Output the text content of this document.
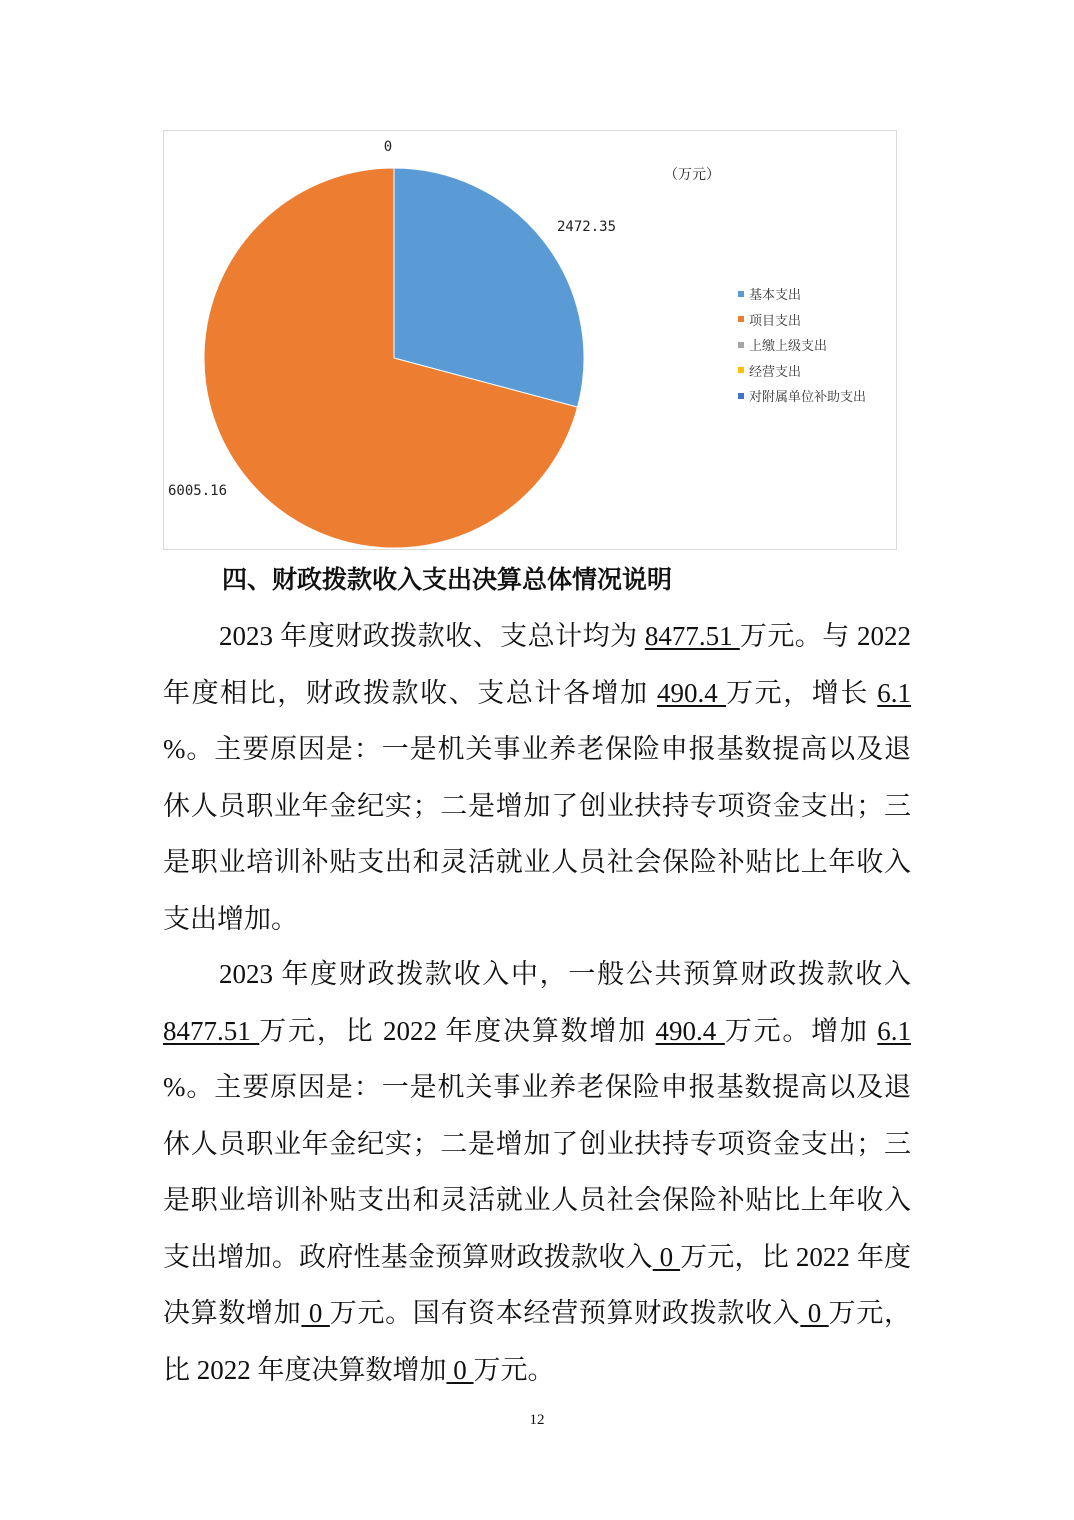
0
2472.35
6005.16
（万元）
基本支出
项目支出
上缴上级支出
经营支出
对附属单位补助支出
四、财政拨款收入支出决算总体情况说明

2023 年度财政拨款收、支总计均为 8477.51 万元。与 2022 年度相比，财政拨款收、支总计各增加 490.4 万元，增长 6.1 %。主要原因是：一是机关事业养老保险申报基数提高以及退休人员职业年金纪实；二是增加了创业扶持专项资金支出；三是职业培训补贴支出和灵活就业人员社会保险补贴比上年收入支出增加。

2023 年度财政拨款收入中，一般公共预算财政拨款收入 8477.51 万元，比 2022 年度决算数增加 490.4 万元。增加 6.1 %。主要原因是：一是机关事业养老保险申报基数提高以及退休人员职业年金纪实；二是增加了创业扶持专项资金支出；三是职业培训补贴支出和灵活就业人员社会保险补贴比上年收入支出增加。政府性基金预算财政拨款收入 0 万元，比 2022 年度决算数增加 0 万元。国有资本经营预算财政拨款收入 0 万元，比 2022 年度决算数增加 0 万元。

12
